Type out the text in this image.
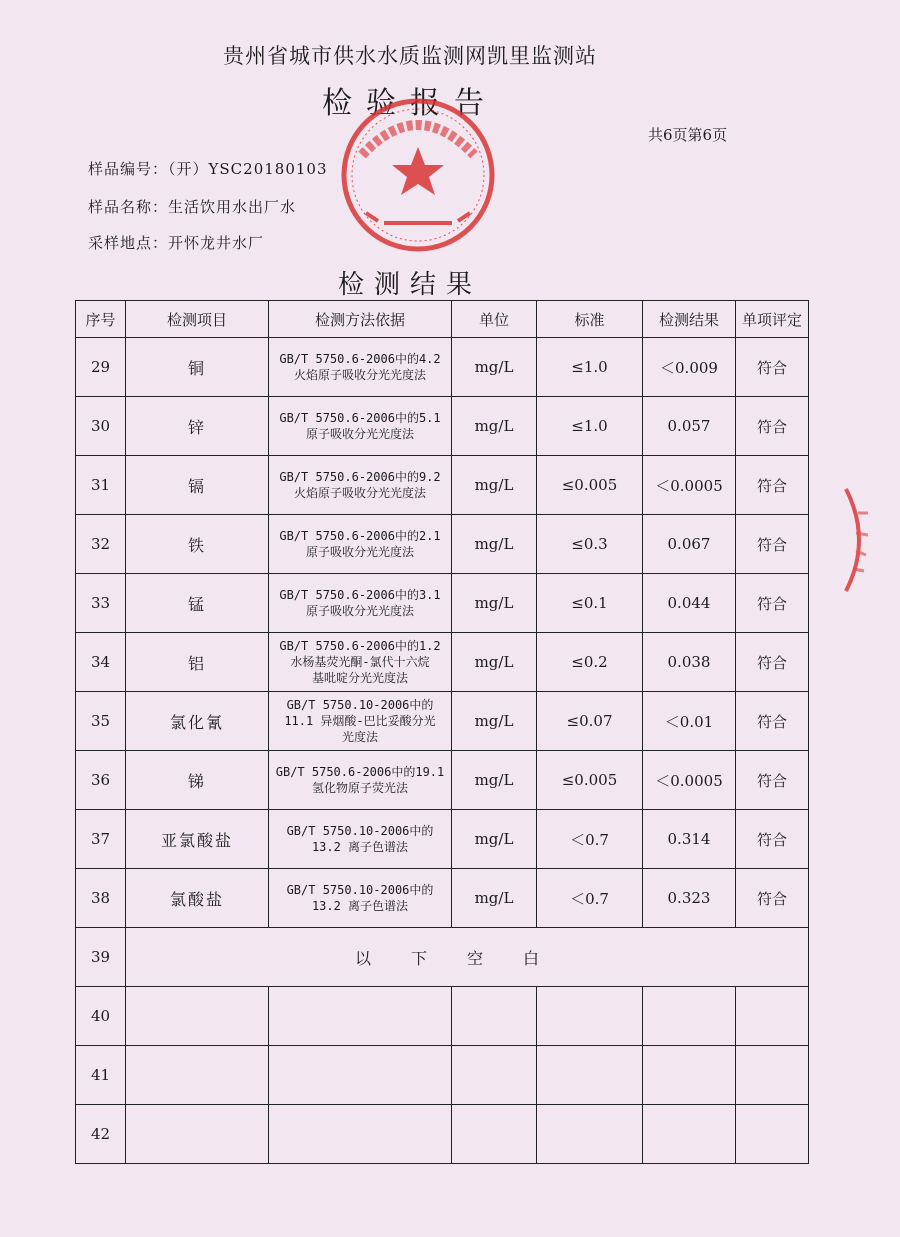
贵州省城市供水水质监测网凯里监测站
检验报告
共6页第6页
样品编号：（开）YSC20180103
样品名称：生活饮用水出厂水
采样地点：开怀龙井水厂
检测结果
序号	检测项目	检测方法依据	单位	标准	检测结果	单项评定
29	铜	GB/T 5750.6-2006中的4.2
火焰原子吸收分光光度法	mg/L	≤1.0	＜0.009	符合
30	锌	GB/T 5750.6-2006中的5.1
原子吸收分光光度法	mg/L	≤1.0	0.057	符合
31	镉	GB/T 5750.6-2006中的9.2
火焰原子吸收分光光度法	mg/L	≤0.005	＜0.0005	符合
32	铁	GB/T 5750.6-2006中的2.1
原子吸收分光光度法	mg/L	≤0.3	0.067	符合
33	锰	GB/T 5750.6-2006中的3.1
原子吸收分光光度法	mg/L	≤0.1	0.044	符合
34	铝	GB/T 5750.6-2006中的1.2
水杨基荧光酮-氯代十六烷
基吡啶分光光度法	mg/L	≤0.2	0.038	符合
35	氯化氰	GB/T 5750.10-2006中的
11.1 异烟酸-巴比妥酸分光
光度法	mg/L	≤0.07	＜0.01	符合
36	锑	GB/T 5750.6-2006中的19.1
氢化物原子荧光法	mg/L	≤0.005	＜0.0005	符合
37	亚氯酸盐	GB/T 5750.10-2006中的
13.2 离子色谱法	mg/L	＜0.7	0.314	符合
38	氯酸盐	GB/T 5750.10-2006中的
13.2 离子色谱法	mg/L	＜0.7	0.323	符合
39	以下空白					
40						
41						
42						
